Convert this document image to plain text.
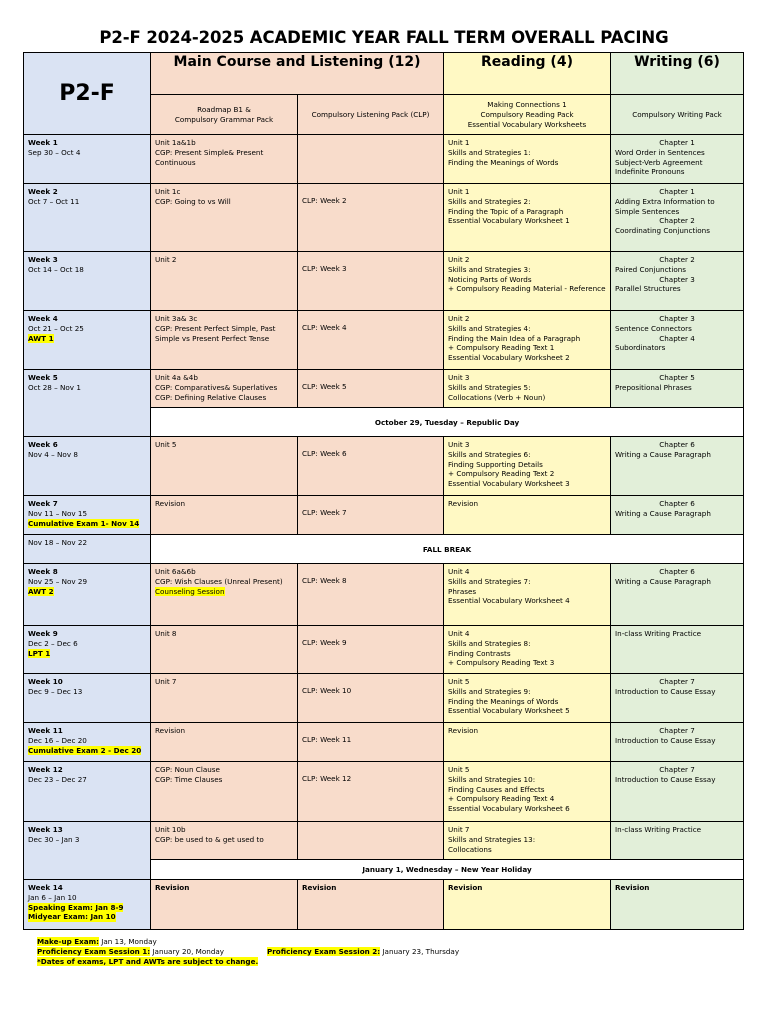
P2-F 2024-2025 ACADEMIC YEAR FALL TERM OVERALL PACING
P2-F	Main Course and Listening (12)		Reading (4)	Writing (6)

	Roadmap B1 &
Compulsory Grammar Pack	Compulsory Listening Pack (CLP)	Making Connections 1
Compulsory Reading Pack
Essential Vocabulary Worksheets	Compulsory Writing Pack

Week 1
Sep 30 – Oct 4	Unit 1a&1b
CGP: Present Simple& Present
Continuous		Unit 1
Skills and Strategies 1:
Finding the Meanings of Words	Chapter 1
Word Order in Sentences
Subject-Verb Agreement
Indefinite Pronouns

Week 2
Oct 7 – Oct 11	Unit 1c
CGP: Going to vs Will	CLP: Week 2	Unit 1
Skills and Strategies 2:
Finding the Topic of a Paragraph
Essential Vocabulary Worksheet 1	Chapter 1
Adding Extra Information to
Simple Sentences
Chapter 2
Coordinating Conjunctions

Week 3
Oct 14 – Oct 18	Unit 2	CLP: Week 3	Unit 2
Skills and Strategies 3:
Noticing Parts of Words
+ Compulsory Reading Material - Reference	Chapter 2
Paired Conjunctions
Chapter 3
Parallel Structures

Week 4
Oct 21 – Oct 25
AWT 1	Unit 3a& 3c
CGP: Present Perfect Simple, Past
Simple vs Present Perfect Tense	CLP: Week 4	Unit 2
Skills and Strategies 4:
Finding the Main Idea of a Paragraph
+ Compulsory Reading Text 1
Essential Vocabulary Worksheet 2	Chapter 3
Sentence Connectors
Chapter 4
Subordinators

Week 5
Oct 28 – Nov 1	Unit 4a &4b
CGP: Comparatives& Superlatives
CGP: Defining Relative Clauses	CLP: Week 5	Unit 3
Skills and Strategies 5:
Collocations (Verb + Noun)	Chapter 5
Prepositional Phrases

	October 29, Tuesday – Republic Day			

Week 6
Nov 4 – Nov 8	Unit 5	CLP: Week 6	Unit 3
Skills and Strategies 6:
Finding Supporting Details
+ Compulsory Reading Text 2
Essential Vocabulary Worksheet 3	Chapter 6
Writing a Cause Paragraph

Week 7
Nov 11 – Nov 15
Cumulative Exam 1- Nov 14	Revision	CLP: Week 7	Revision	Chapter 6
Writing a Cause Paragraph

Nov 18 – Nov 22	FALL BREAK			

Week 8
Nov 25 – Nov 29
AWT 2	Unit 6a&6b
CGP: Wish Clauses (Unreal Present)
Counseling Session	CLP: Week 8	Unit 4
Skills and Strategies 7:
Phrases
Essential Vocabulary Worksheet 4	Chapter 6
Writing a Cause Paragraph

Week 9
Dec 2 – Dec 6
LPT 1	Unit 8	CLP: Week 9	Unit 4
Skills and Strategies 8:
Finding Contrasts
+ Compulsory Reading Text 3	In-class Writing Practice

Week 10
Dec 9 – Dec 13	Unit 7	CLP: Week 10	Unit 5
Skills and Strategies 9:
Finding the Meanings of Words
Essential Vocabulary Worksheet 5	Chapter 7
Introduction to Cause Essay

Week 11
Dec 16 – Dec 20
Cumulative Exam 2 - Dec 20	Revision	CLP: Week 11	Revision	Chapter 7
Introduction to Cause Essay

Week 12
Dec 23 – Dec 27	CGP: Noun Clause
CGP: Time Clauses	CLP: Week 12	Unit 5
Skills and Strategies 10:
Finding Causes and Effects
+ Compulsory Reading Text 4
Essential Vocabulary Worksheet 6	Chapter 7
Introduction to Cause Essay

Week 13
Dec 30 – Jan 3	Unit 10b
CGP: be used to & get used to		Unit 7
Skills and Strategies 13:
Collocations	In-class Writing Practice

	January 1, Wednesday – New Year Holiday			

Week 14
Jan 6 – Jan 10
Speaking Exam: Jan 8-9
Midyear Exam: Jan 10	Revision	Revision	Revision	Revision
Make-up Exam: Jan 13, Monday
Proficiency Exam Session 1: January 20, Monday	Proficiency Exam Session 2: January 23, Thursday
*Dates of exams, LPT and AWTs are subject to change.
